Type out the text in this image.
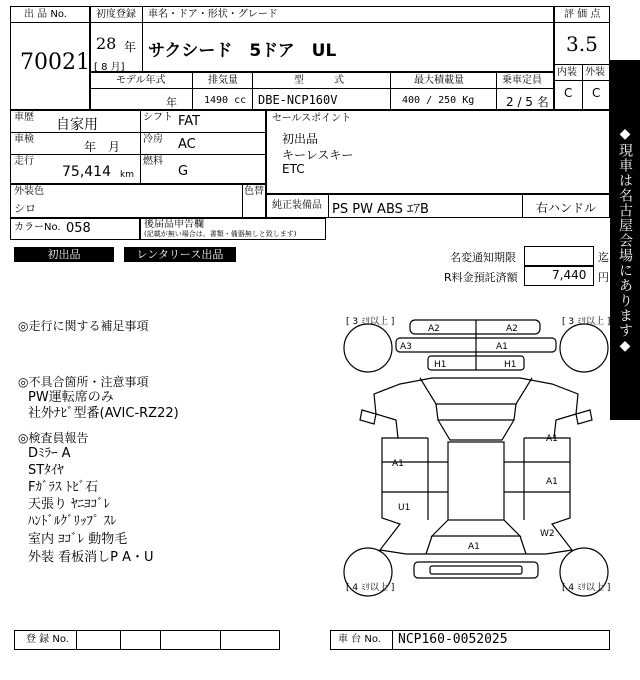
出 品 No.
70021
初度登録 車名・ドア・形状・グレード
28 年
[ 8 月]
サクシード　5ドア　UL
評 価 点
3.5
内装 外装
C C
モデル年式	排気量	型　　　式	最大積載量	乗車定員
年	1490 cc DBE-NCP160V	400 / 250 Kg	2 / 5 名
車歴 自家用	シフト FAT
車検
年　月
冷房 AC
走行
75,414 km
燃料
G
外装色
シロ
色替
カラーNo. 058	後届品申告欄
(記載が無い場合は、書類・備器無しと致します)
セールスポイント
初出品
キーレスキー
ETC
純正装備品 PS PW ABS ｴｱB	右ハンドル
初出品	レンタリース出品	名変通知期限	迄
R料金預託済額	7,440 円
◆現車は名古屋会場にあります◆
◎走行に関する補足事項
◎不具合箇所・注意事項
PW運転席のみ
社外ﾅﾋﾞ型番(AVIC-RZ22)
◎検査員報告
Dﾐﾗｰ A
STﾀｲﾔ
Fｶﾞﾗｽ ﾄﾋﾞ石
天張り ﾔﾆﾖｺﾞﾚ
ﾊﾝﾄﾞﾙｸﾞﾘｯﾌﾟ ｽﾚ
室内 ﾖｺﾞﾚ 動物毛
外装 看板消しP A・U
[ 3 ﾐﾘ以上 ]	[ 3 ﾐﾘ以上 ]
[ 4 ﾐﾘ以上 ]	[ 4 ﾐﾘ以上 ]
A2	A2
A3	A1
H1	H1
A1
A1
A1
U1
A1
W2
登 録 No.	車 台 No. NCP160-0052025
